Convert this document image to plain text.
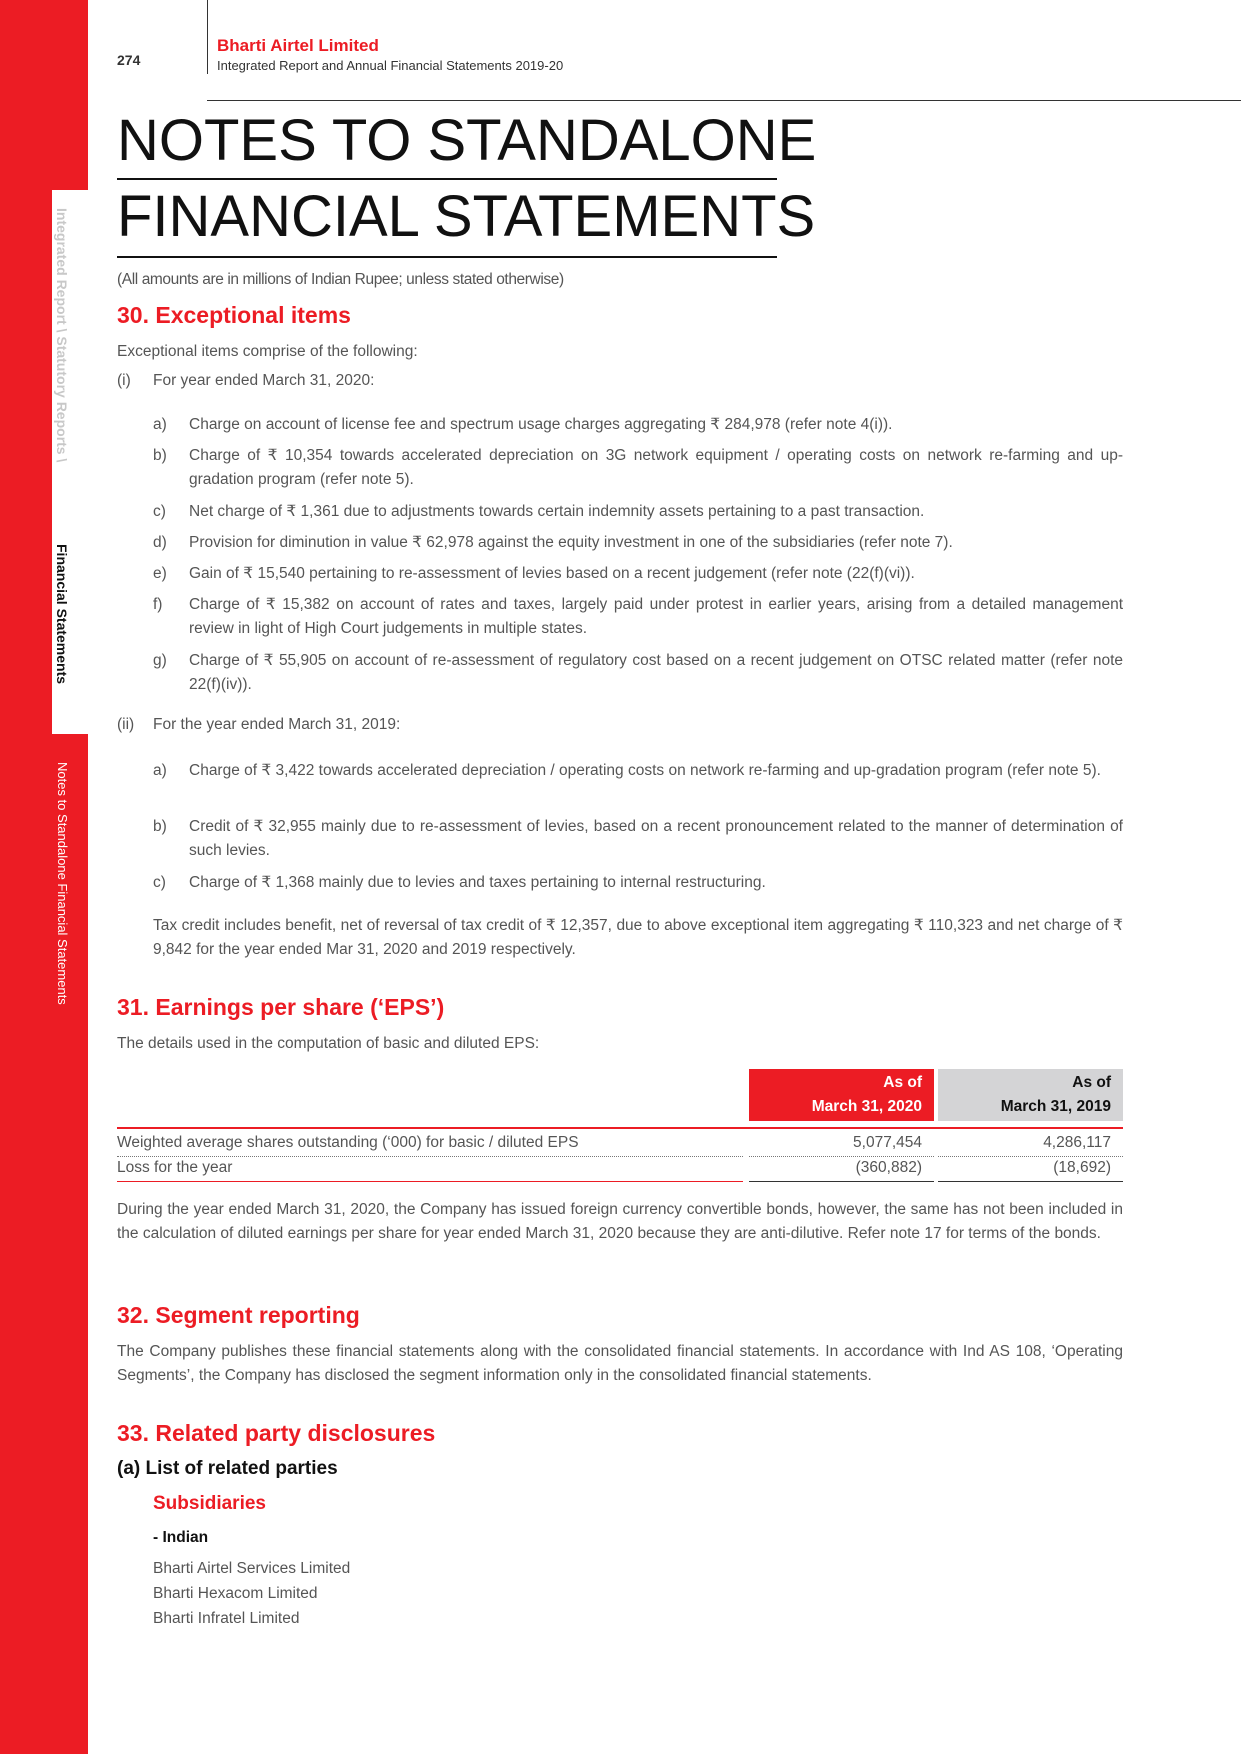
Integrated Report \ Statutory Reports \
Financial Statements
Notes to Standalone Financial Statements
274
Bharti Airtel Limited
Integrated Report and Annual Financial Statements 2019-20
NOTES TO STANDALONE
FINANCIAL STATEMENTS
(All amounts are in millions of Indian Rupee; unless stated otherwise)
30. Exceptional items
Exceptional items comprise of the following:
(i) For year ended March 31, 2020:
a) Charge on account of license fee and spectrum usage charges aggregating ₹ 284,978 (refer note 4(i)).
b) Charge of ₹ 10,354 towards accelerated depreciation on 3G network equipment / operating costs on network re-farming and up-gradation program (refer note 5).
c) Net charge of ₹ 1,361 due to adjustments towards certain indemnity assets pertaining to a past transaction.
d) Provision for diminution in value ₹ 62,978 against the equity investment in one of the subsidiaries (refer note 7).
e) Gain of ₹ 15,540 pertaining to re-assessment of levies based on a recent judgement (refer note (22(f)(vi)).
f) Charge of ₹ 15,382 on account of rates and taxes, largely paid under protest in earlier years, arising from a detailed management review in light of High Court judgements in multiple states.
g) Charge of ₹ 55,905 on account of re-assessment of regulatory cost based on a recent judgement on OTSC related matter (refer note 22(f)(iv)).
(ii) For the year ended March 31, 2019:
a) Charge of ₹ 3,422 towards accelerated depreciation / operating costs on network re-farming and up-gradation program (refer note 5).
b) Credit of ₹ 32,955 mainly due to re-assessment of levies, based on a recent pronouncement related to the manner of determination of such levies.
c) Charge of ₹ 1,368 mainly due to levies and taxes pertaining to internal restructuring.
Tax credit includes benefit, net of reversal of tax credit of ₹ 12,357, due to above exceptional item aggregating ₹ 110,323 and net charge of ₹ 9,842 for the year ended Mar 31, 2020 and 2019 respectively.
31. Earnings per share (‘EPS’)
The details used in the computation of basic and diluted EPS:
As of
March 31, 2020
As of
March 31, 2019
Weighted average shares outstanding (‘000) for basic / diluted EPS	5,077,454	4,286,117
Loss for the year	(360,882)	(18,692)
During the year ended March 31, 2020, the Company has issued foreign currency convertible bonds, however, the same has not been included in the calculation of diluted earnings per share for year ended March 31, 2020 because they are anti-dilutive. Refer note 17 for terms of the bonds.
32. Segment reporting
The Company publishes these financial statements along with the consolidated financial statements. In accordance with Ind AS 108, ‘Operating Segments’, the Company has disclosed the segment information only in the consolidated financial statements.
33. Related party disclosures
(a) List of related parties
Subsidiaries
- Indian
Bharti Airtel Services Limited
Bharti Hexacom Limited
Bharti Infratel Limited
